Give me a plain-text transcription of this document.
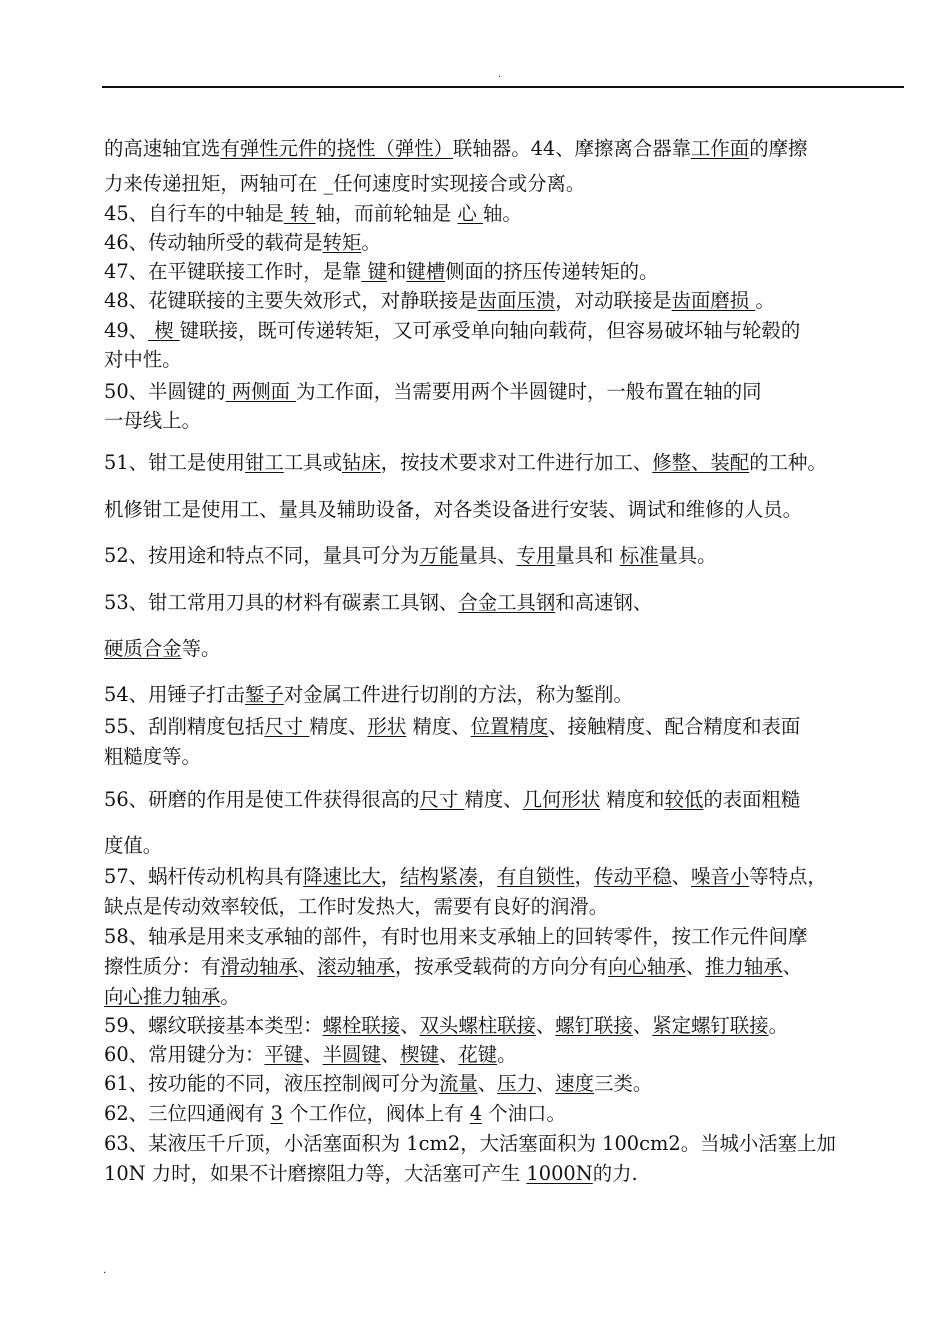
.
的高速轴宜选有弹性元件的挠性（弹性）联轴器。44、摩擦离合器靠工作面的摩擦
力来传递扭矩，两轴可在 _任何速度时实现接合或分离。
45、自行车的中轴是 转 轴，而前轮轴是 心 轴。
46、传动轴所受的载荷是转矩。
47、在平键联接工作时，是靠 键和键槽侧面的挤压传递转矩的。
48、花键联接的主要失效形式，对静联接是齿面压溃，对动联接是齿面磨损 。
49、 楔 键联接，既可传递转矩，又可承受单向轴向载荷，但容易破坏轴与轮毂的
对中性。
50、半圆键的 两侧面 为工作面，当需要用两个半圆键时，一般布置在轴的同
一母线上。
51、钳工是使用钳工工具或钻床，按技术要求对工件进行加工、修整、装配的工种。
机修钳工是使用工、量具及辅助设备，对各类设备进行安装、调试和维修的人员。
52、按用途和特点不同，量具可分为万能量具、专用量具和 标准量具。
53、钳工常用刀具的材料有碳素工具钢、合金工具钢和高速钢、
硬质合金等。
54、用锤子打击錾子对金属工件进行切削的方法，称为錾削。
55、刮削精度包括尺寸 精度、形状 精度、位置精度、接触精度、配合精度和表面
粗糙度等。
56、研磨的作用是使工件获得很高的尺寸 精度、几何形状 精度和较低的表面粗糙
度值。
57、蜗杆传动机构具有降速比大，结构紧凑，有自锁性，传动平稳、噪音小等特点，
缺点是传动效率较低，工作时发热大，需要有良好的润滑。
58、轴承是用来支承轴的部件，有时也用来支承轴上的回转零件，按工作元件间摩
擦性质分：有滑动轴承、滚动轴承，按承受载荷的方向分有向心轴承、推力轴承、
向心推力轴承。
59、螺纹联接基本类型：螺栓联接、双头螺柱联接、螺钉联接、紧定螺钉联接。
60、常用键分为：平键、半圆键、楔键、花键。
61、按功能的不同，液压控制阀可分为流量、压力、速度三类。
62、三位四通阀有 3 个工作位，阀体上有 4 个油口。
63、某液压千斤顶，小活塞面积为 1cm2，大活塞面积为 100cm2。当城小活塞上加
10N 力时，如果不计磨擦阻力等，大活塞可产生 1000N的力.
.
